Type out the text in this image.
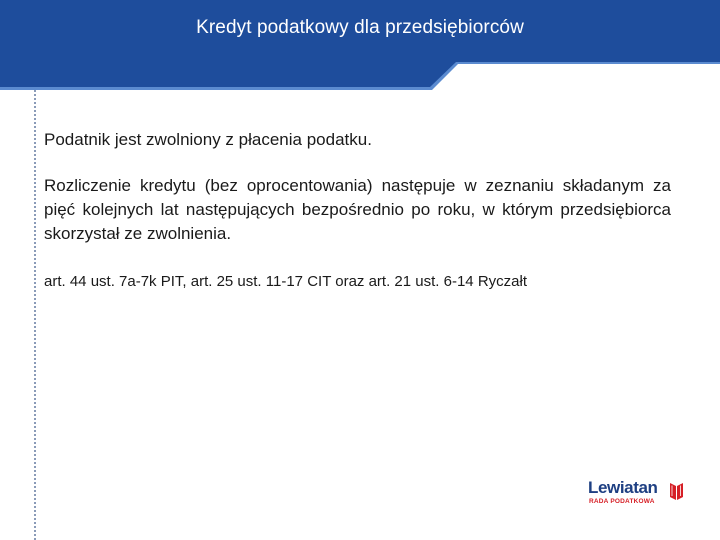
Kredyt podatkowy dla przedsiębiorców

Podatnik jest zwolniony z płacenia podatku.

Rozliczenie kredytu (bez oprocentowania) następuje w zeznaniu składanym za pięć kolejnych lat następujących bezpośrednio po roku, w którym przedsiębiorca skorzystał ze zwolnienia.

art. 44 ust. 7a-7k PIT, art. 25 ust. 11-17 CIT oraz art. 21 ust. 6-14 Ryczałt

Lewiatan
RADA PODATKOWA
